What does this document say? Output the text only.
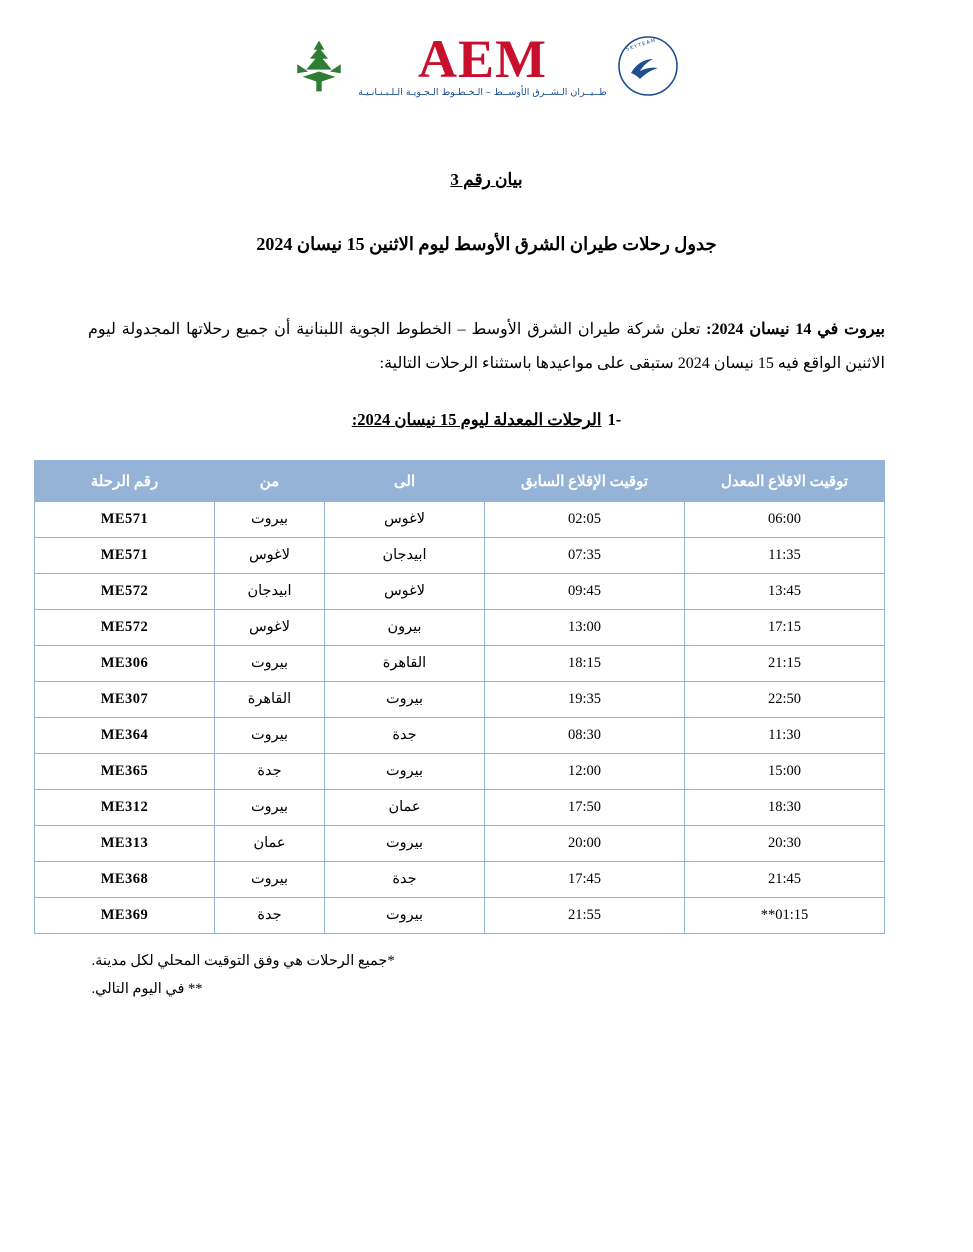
SKYTEAM
M
E
A
طــيــران الـشــرق الأوســط – الـخـطـوط الـجـويـة الـلـبـنـانـيـة
بيان رقم 3
جدول رحلات طيران الشرق الأوسط ليوم الاثنين 15 نيسان 2024
بيروت في 14 نيسان 2024: تعلن شركة طيران الشرق الأوسط – الخطوط الجوية اللبنانية أن جميع رحلاتها المجدولة ليوم الاثنين الواقع فيه 15 نيسان 2024 ستبقى على مواعيدها باستثناء الرحلات التالية:
-1الرحلات المعدلة ليوم 15 نيسان 2024:
توقيت الاقلاع المعدل	توقيت الإقلاع السابق	الى	من	رقم الرحلة
06:00	02:05	لاغوس	بيروت	ME571
11:35	07:35	ابيدجان	لاغوس	ME571
13:45	09:45	لاغوس	ابيدجان	ME572
17:15	13:00	بيرون	لاغوس	ME572
21:15	18:15	القاهرة	بيروت	ME306
22:50	19:35	بيروت	القاهرة	ME307
11:30	08:30	جدة	بيروت	ME364
15:00	12:00	بيروت	جدة	ME365
18:30	17:50	عمان	بيروت	ME312
20:30	20:00	بيروت	عمان	ME313
21:45	17:45	جدة	بيروت	ME368
01:15**	21:55	بيروت	جدة	ME369
*جميع الرحلات هي وفق التوقيت المحلي لكل مدينة.
** في اليوم التالي.
